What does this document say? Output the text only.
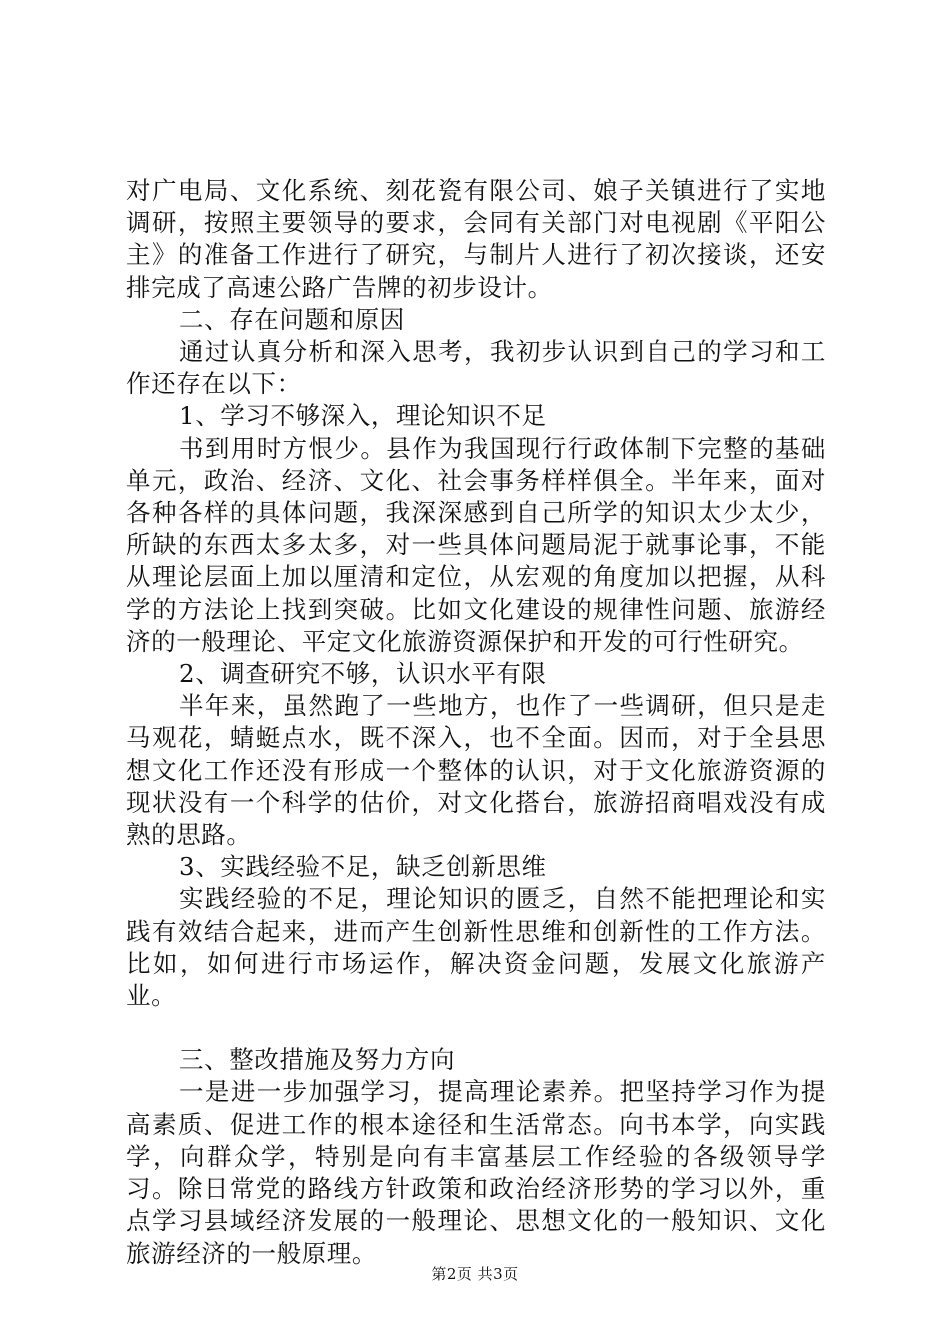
对广电局、文化系统、刻花瓷有限公司、娘子关镇进行了实地调研，按照主要领导的要求，会同有关部门对电视剧《平阳公主》的准备工作进行了研究，与制片人进行了初次接谈，还安排完成了高速公路广告牌的初步设计。

二、存在问题和原因

通过认真分析和深入思考，我初步认识到自己的学习和工作还存在以下：

1、学习不够深入，理论知识不足

书到用时方恨少。县作为我国现行行政体制下完整的基础单元，政治、经济、文化、社会事务样样俱全。半年来，面对各种各样的具体问题，我深深感到自己所学的知识太少太少，所缺的东西太多太多，对一些具体问题局泥于就事论事，不能从理论层面上加以厘清和定位，从宏观的角度加以把握，从科学的方法论上找到突破。比如文化建设的规律性问题、旅游经济的一般理论、平定文化旅游资源保护和开发的可行性研究。

2、调查研究不够，认识水平有限

半年来，虽然跑了一些地方，也作了一些调研，但只是走马观花，蜻蜓点水，既不深入，也不全面。因而，对于全县思想文化工作还没有形成一个整体的认识，对于文化旅游资源的现状没有一个科学的估价，对文化搭台，旅游招商唱戏没有成熟的思路。

3、实践经验不足，缺乏创新思维

实践经验的不足，理论知识的匮乏，自然不能把理论和实践有效结合起来，进而产生创新性思维和创新性的工作方法。比如，如何进行市场运作，解决资金问题，发展文化旅游产业。

三、整改措施及努力方向

一是进一步加强学习，提高理论素养。把坚持学习作为提高素质、促进工作的根本途径和生活常态。向书本学，向实践学，向群众学，特别是向有丰富基层工作经验的各级领导学习。除日常党的路线方针政策和政治经济形势的学习以外，重点学习县域经济发展的一般理论、思想文化的一般知识、文化旅游经济的一般原理。

第2页 共3页
